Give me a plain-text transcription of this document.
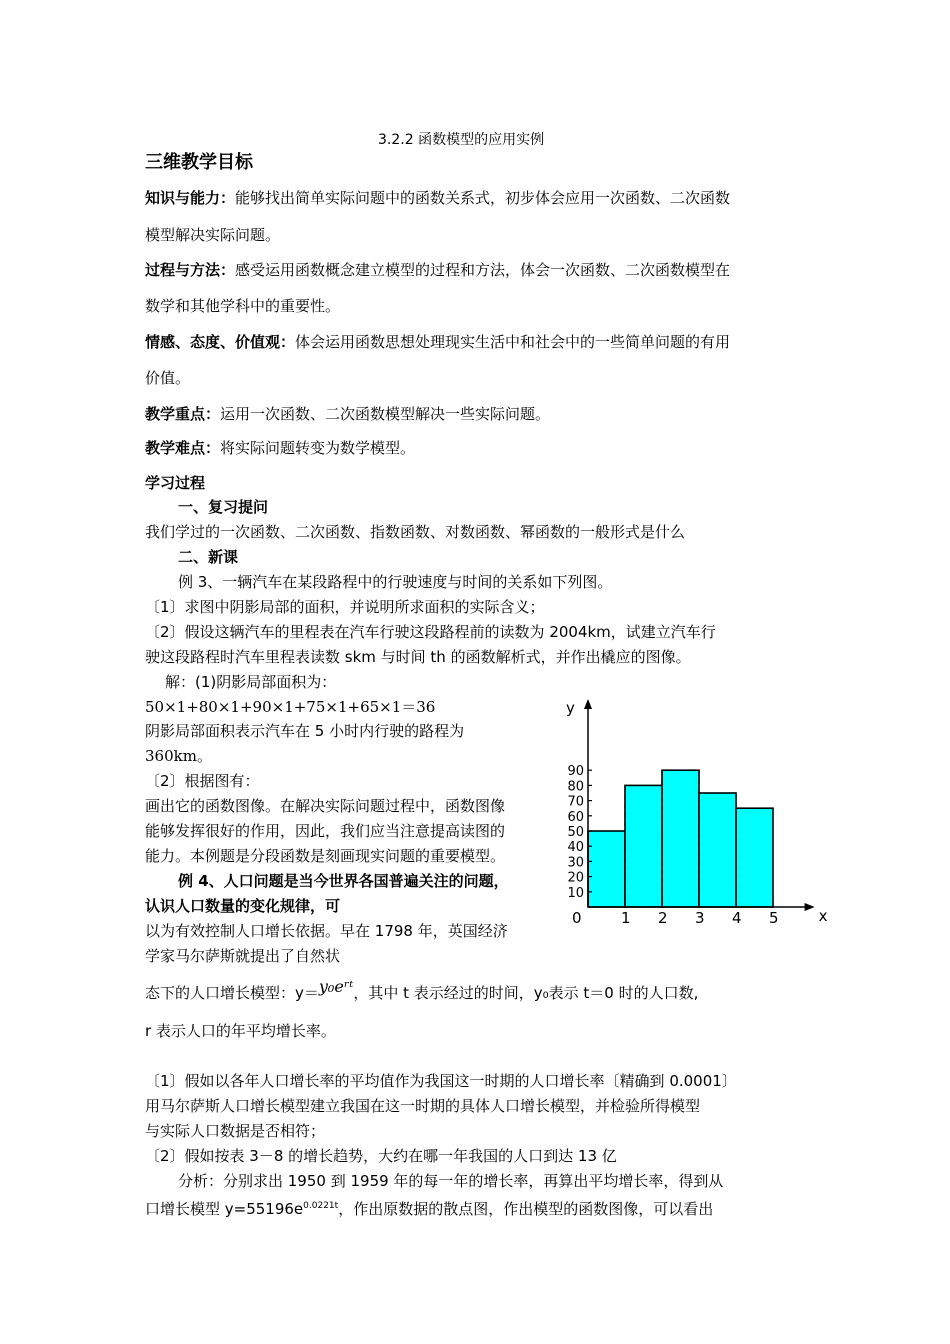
3.2.2 函数模型的应用实例
三维教学目标
知识与能力：能够找出简单实际问题中的函数关系式，初步体会应用一次函数、二次函数
模型解决实际问题。
过程与方法：感受运用函数概念建立模型的过程和方法，体会一次函数、二次函数模型在
数学和其他学科中的重要性。
情感、态度、价值观：体会运用函数思想处理现实生活中和社会中的一些简单问题的有用
价值。
教学重点：运用一次函数、二次函数模型解决一些实际问题。
教学难点：将实际问题转变为数学模型。
学习过程
一、复习提问
我们学过的一次函数、二次函数、指数函数、对数函数、幂函数的一般形式是什么
二、新课
例 3、一辆汽车在某段路程中的行驶速度与时间的关系如下列图。
〔1〕求图中阴影局部的面积，并说明所求面积的实际含义；
〔2〕假设这辆汽车的里程表在汽车行驶这段路程前的读数为 2004km，试建立汽车行
驶这段路程时汽车里程表读数 skm 与时间 th 的函数解析式，并作出橇应的图像。
解：(1)阴影局部面积为：
50×1+80×1+90×1+75×1+65×1＝36
阴影局部面积表示汽车在 5 小时内行驶的路程为
360km。
〔2〕根据图有：
画出它的函数图像。在解决实际问题过程中，函数图像
能够发挥很好的作用，因此，我们应当注意提高读图的
能力。本例题是分段函数是刻画现实问题的重要模型。
例 4、人口问题是当今世界各国普遍关注的问题，
认识人口数量的变化规律，可
以为有效控制人口增长依据。早在 1798 年，英国经济
学家马尔萨斯就提出了自然状
态下的人口增长模型：y＝y₀eʳᵗ，其中 t 表示经过的时间，y₀表示 t＝0 时的人口数,
r 表示人口的年平均增长率。
〔1〕假如以各年人口增长率的平均值作为我国这一时期的人口增长率〔精确到 0.0001〕
用马尔萨斯人口增长模型建立我国在这一时期的具体人口增长模型，并检验所得模型
与实际人口数据是否相符；
〔2〕假如按表 3－8 的增长趋势，大约在哪一年我国的人口到达 13 亿
分析：分别求出 1950 到 1959 年的每一年的增长率，再算出平均增长率，得到从
口增长模型 $y=55196e^{0.0221t}$，作出原数据的散点图，作出模型的函数图像，可以看出
0	1 2 3 4 5
10
20
30
40
50
60
70
80
90
x
y
